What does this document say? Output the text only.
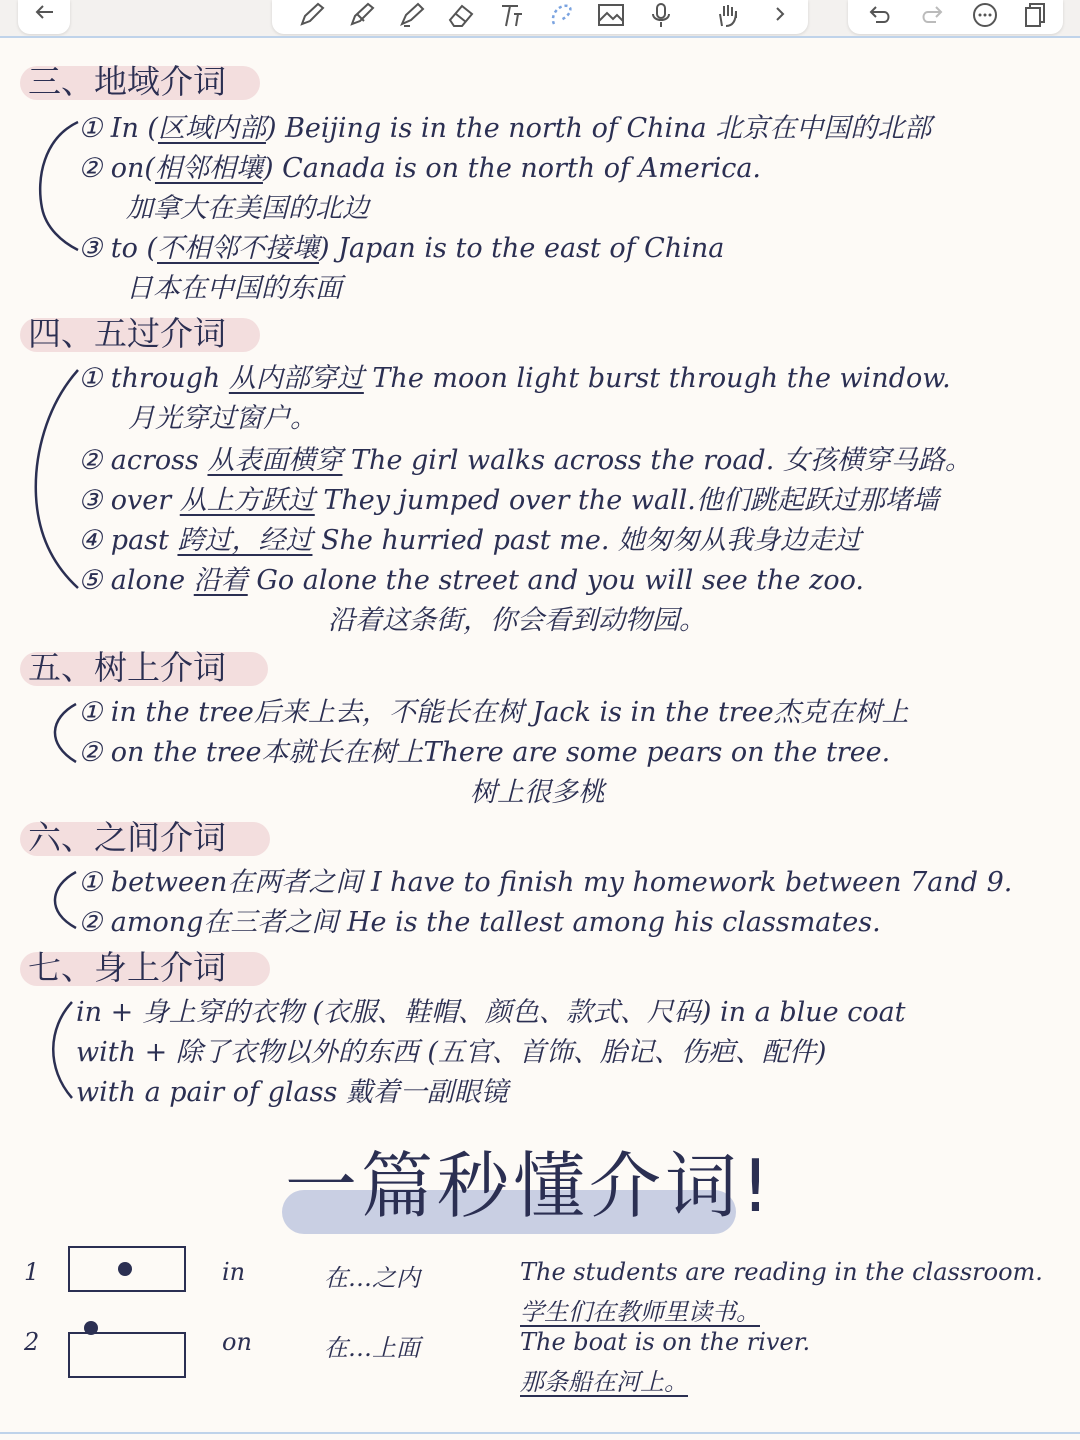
三、地域介词
① In (区域内部) Beijing is in the north of China 北京在中国的北部
② on(相邻相壤) Canada is on the north of America.
加拿大在美国的北边
③ to (不相邻不接壤) Japan is to the east of China
日本在中国的东面
四、五过介词
① through 从内部穿过 The moon light burst through the window.
月光穿过窗户。
② across 从表面横穿 The girl walks across the road. 女孩横穿马路。
③ over 从上方跃过 They jumped over the wall.他们跳起跃过那堵墙
④ past 跨过，经过 She hurried past me. 她匆匆从我身边走过
⑤ alone 沿着 Go alone the street and you will see the zoo.
沿着这条街，你会看到动物园。
五、树上介词
① in the tree后来上去，不能长在树 Jack is in the tree杰克在树上
② on the tree本就长在树上There are some pears on the tree.
树上很多桃
六、之间介词
① between在两者之间 I have to finish my homework between 7and 9.
② among在三者之间 He is the tallest among his classmates.
七、身上介词
in + 身上穿的衣物 (衣服、鞋帽、颜色、款式、尺码) in a blue coat
with + 除了衣物以外的东西 (五官、首饰、胎记、伤疤、配件)
with a pair of glass 戴着一副眼镜
一篇秒懂介词!
1	in	在…之内	The students are reading in the classroom.
学生们在教师里读书。
2	on	在…上面	The boat is on the river.
那条船在河上。
